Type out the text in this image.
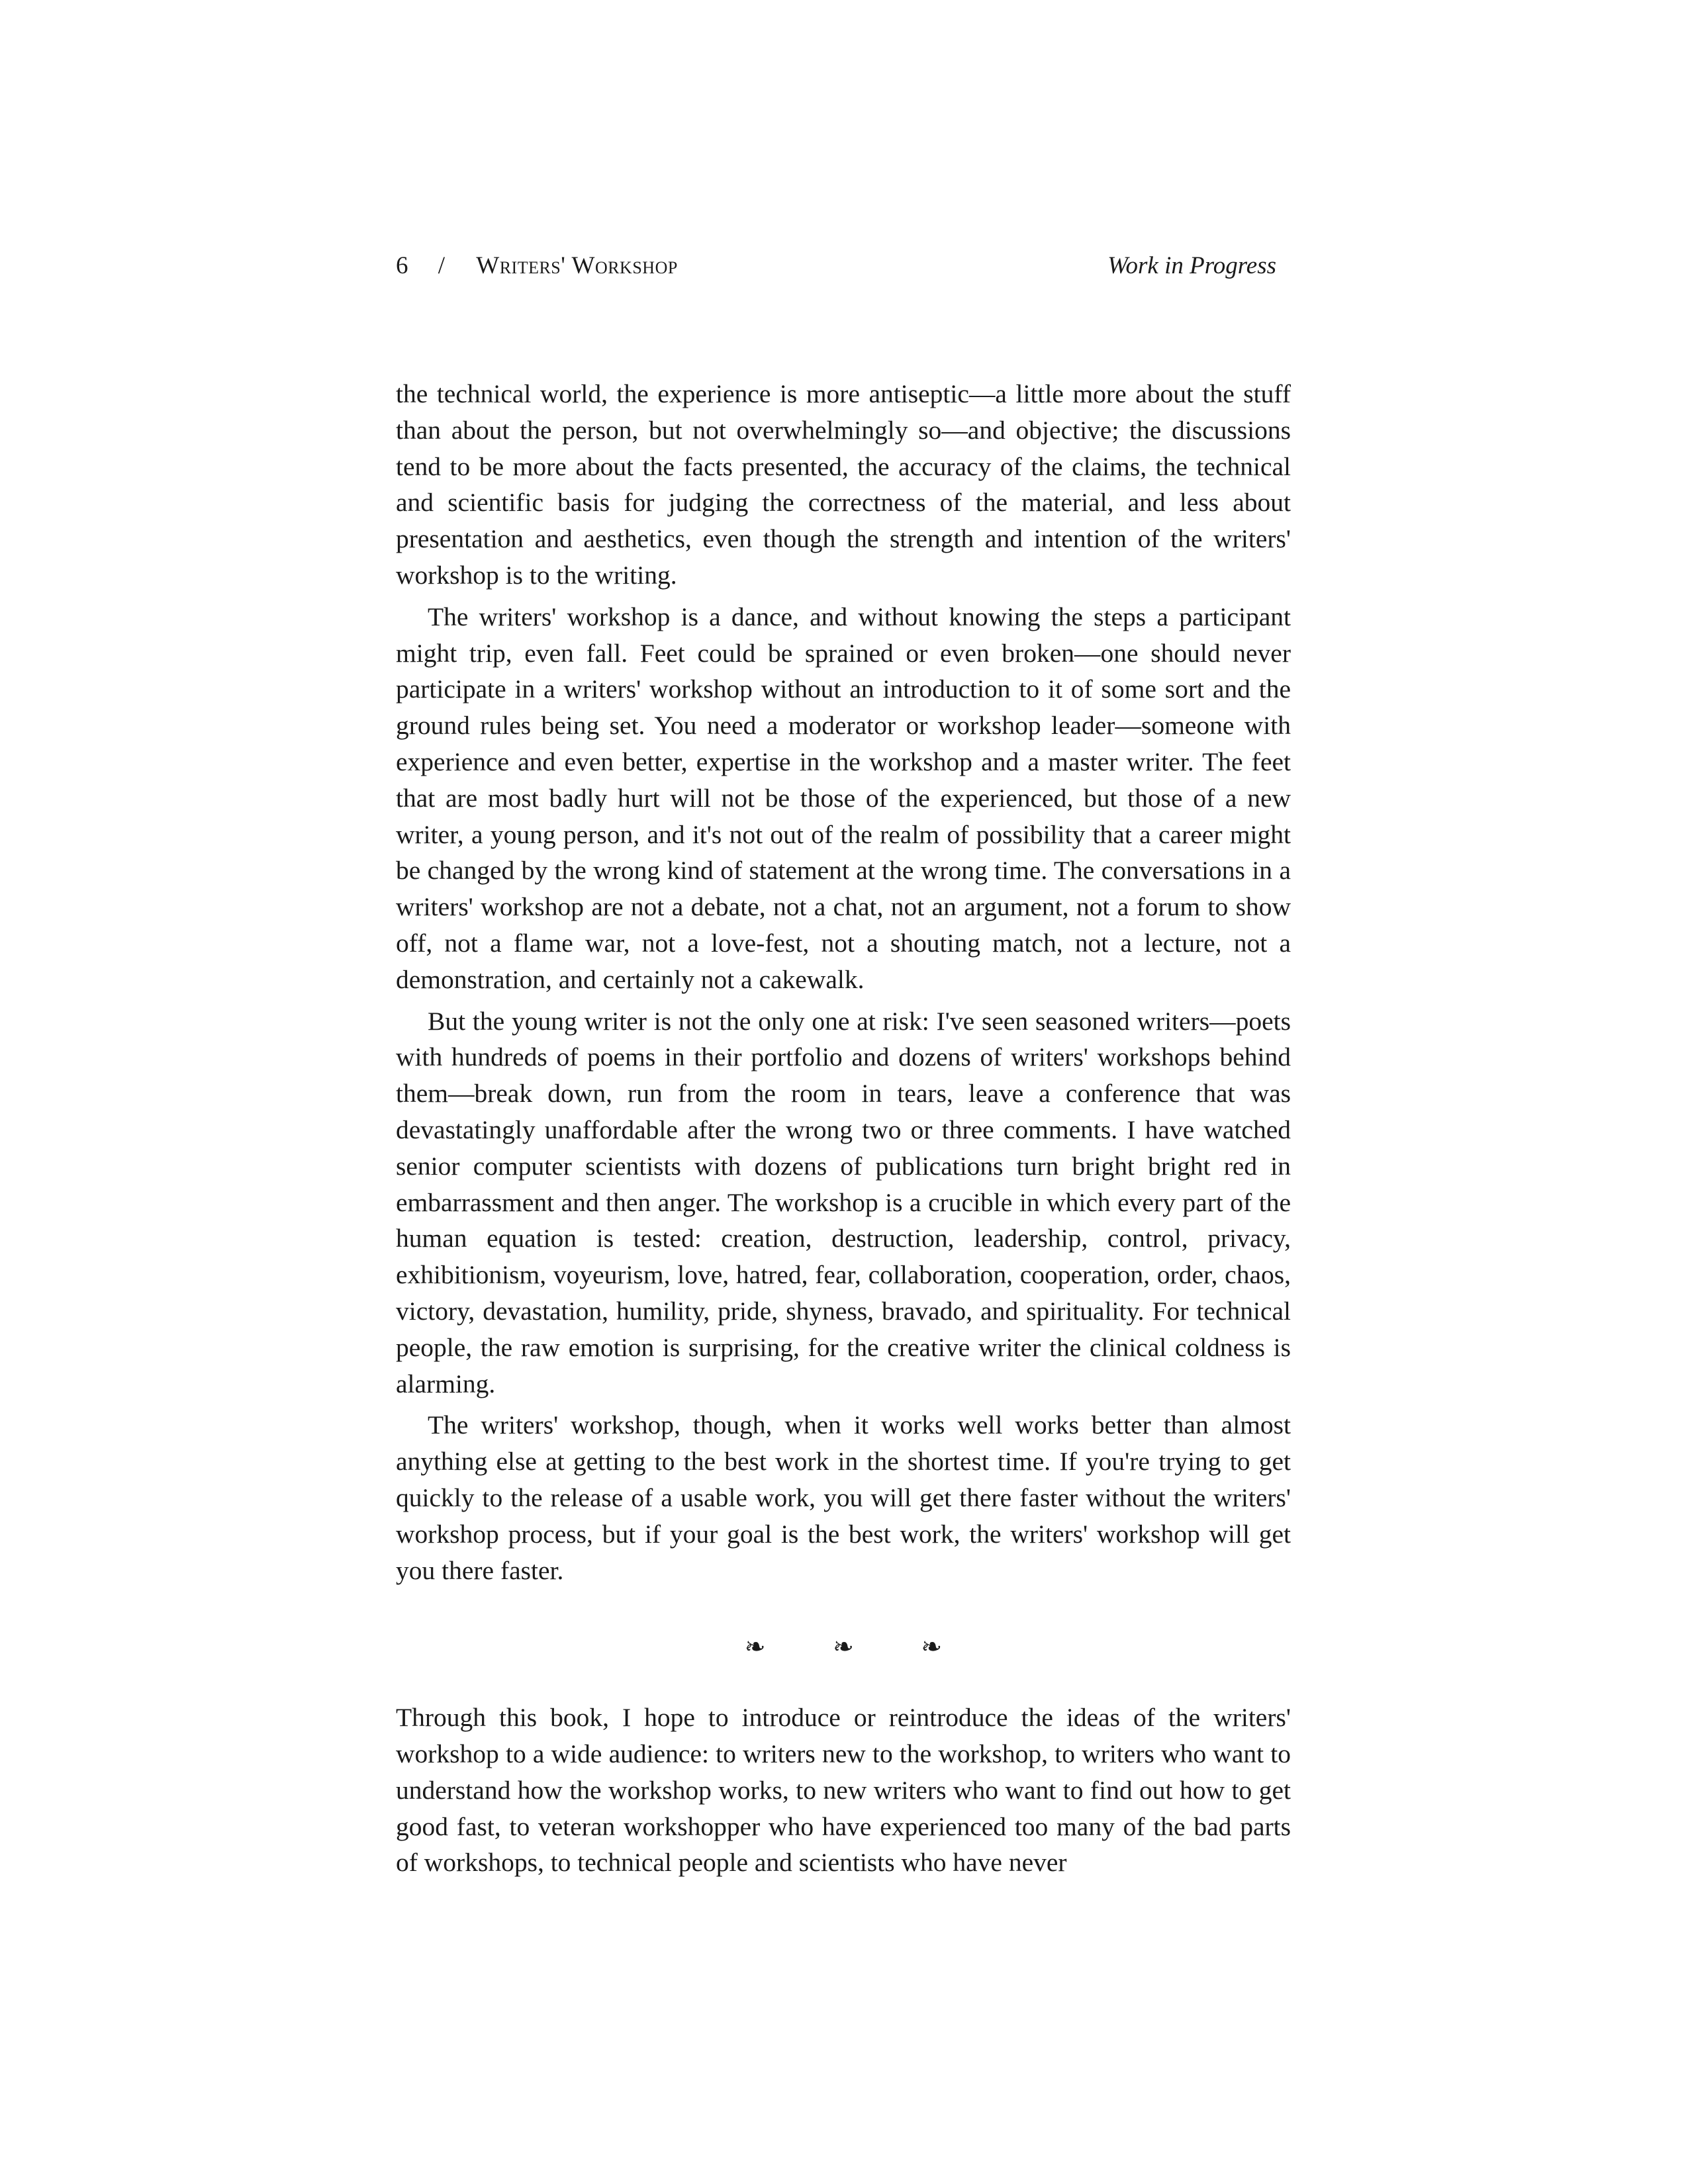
6 / Writers' Workshop	Work in Progress

the technical world, the experience is more antiseptic—a little more about the stuff than about the person, but not overwhelmingly so—and objective; the discussions tend to be more about the facts presented, the accuracy of the claims, the technical and scientific basis for judging the correctness of the material, and less about presentation and aesthetics, even though the strength and intention of the writers' workshop is to the writing.

The writers' workshop is a dance, and without knowing the steps a participant might trip, even fall. Feet could be sprained or even broken—one should never participate in a writers' workshop without an introduction to it of some sort and the ground rules being set. You need a moderator or workshop leader—someone with experience and even better, expertise in the workshop and a master writer. The feet that are most badly hurt will not be those of the experienced, but those of a new writer, a young person, and it's not out of the realm of possibility that a career might be changed by the wrong kind of statement at the wrong time. The conversations in a writers' workshop are not a debate, not a chat, not an argument, not a forum to show off, not a flame war, not a love-fest, not a shouting match, not a lecture, not a demonstration, and certainly not a cakewalk.

But the young writer is not the only one at risk: I've seen seasoned writers—poets with hundreds of poems in their portfolio and dozens of writers' workshops behind them—break down, run from the room in tears, leave a conference that was devastatingly unaffordable after the wrong two or three comments. I have watched senior computer scientists with dozens of publications turn bright bright red in embarrassment and then anger. The workshop is a crucible in which every part of the human equation is tested: creation, destruction, leadership, control, privacy, exhibitionism, voyeurism, love, hatred, fear, collaboration, cooperation, order, chaos, victory, devastation, humility, pride, shyness, bravado, and spirituality. For technical people, the raw emotion is surprising, for the creative writer the clinical coldness is alarming.

The writers' workshop, though, when it works well works better than almost anything else at getting to the best work in the shortest time. If you're trying to get quickly to the release of a usable work, you will get there faster without the writers' workshop process, but if your goal is the best work, the writers' workshop will get you there faster.

❧	❧	❧

Through this book, I hope to introduce or reintroduce the ideas of the writers' workshop to a wide audience: to writers new to the workshop, to writers who want to understand how the workshop works, to new writers who want to find out how to get good fast, to veteran workshopper who have experienced too many of the bad parts of workshops, to technical people and scientists who have never
